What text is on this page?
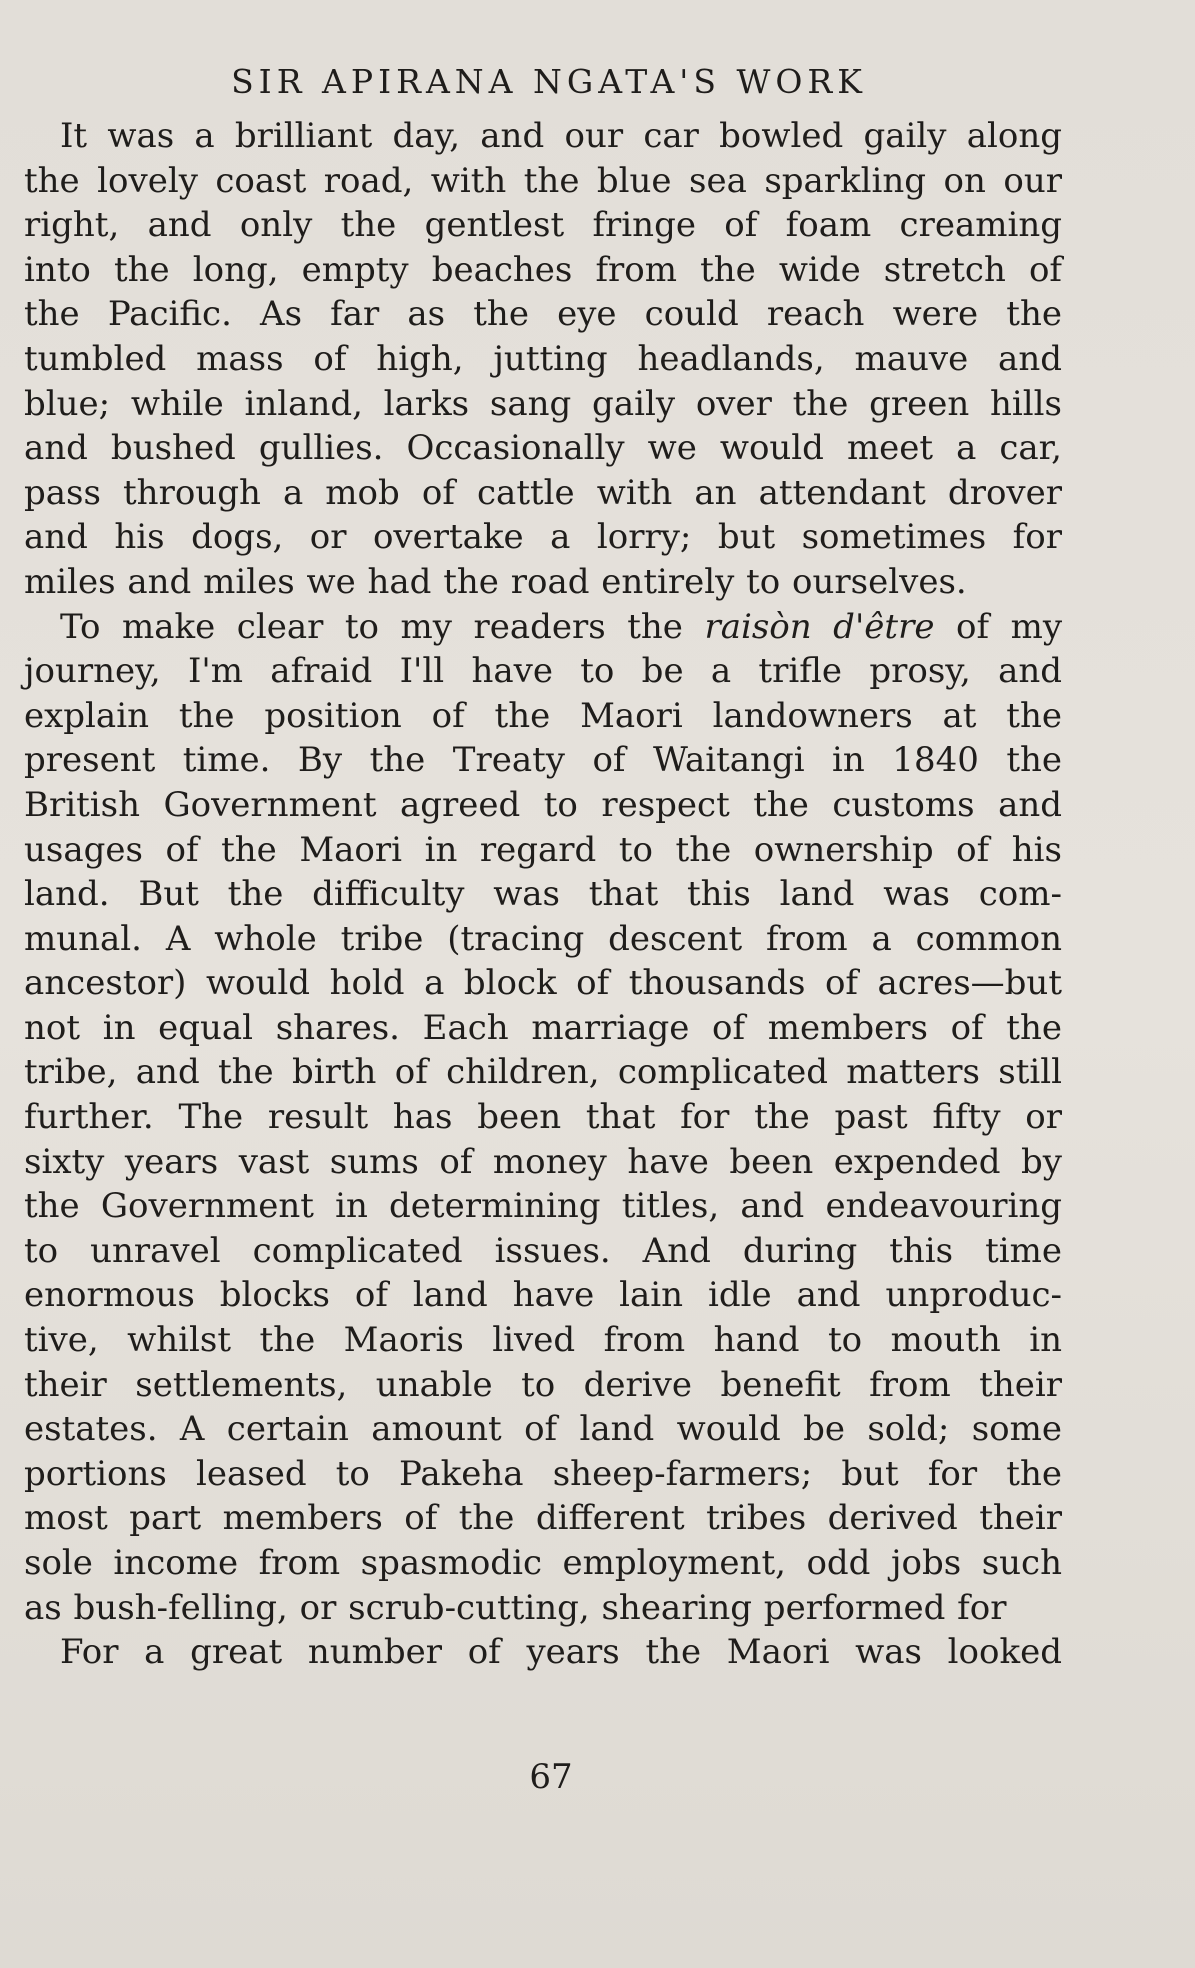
SIR APIRANA NGATA'S WORK

It was a brilliant day, and our car bowled gaily along
the lovely coast road, with the blue sea sparkling on our
right, and only the gentlest fringe of foam creaming
into the long, empty beaches from the wide stretch of
the Pacific. As far as the eye could reach were the
tumbled mass of high, jutting headlands, mauve and
blue; while inland, larks sang gaily over the green hills
and bushed gullies. Occasionally we would meet a car,
pass through a mob of cattle with an attendant drover
and his dogs, or overtake a lorry; but sometimes for
miles and miles we had the road entirely to ourselves.

To make clear to my readers the raisòn d'être of my
journey, I'm afraid I'll have to be a trifle prosy, and
explain the position of the Maori landowners at the
present time. By the Treaty of Waitangi in 1840 the
British Government agreed to respect the customs and
usages of the Maori in regard to the ownership of his
land. But the difficulty was that this land was com-
munal. A whole tribe (tracing descent from a common
ancestor) would hold a block of thousands of acres—but
not in equal shares. Each marriage of members of the
tribe, and the birth of children, complicated matters still
further. The result has been that for the past fifty or
sixty years vast sums of money have been expended by
the Government in determining titles, and endeavouring
to unravel complicated issues. And during this time
enormous blocks of land have lain idle and unproduc-
tive, whilst the Maoris lived from hand to mouth in
their settlements, unable to derive benefit from their
estates. A certain amount of land would be sold; some
portions leased to Pakeha sheep-farmers; but for the
most part members of the different tribes derived their
sole income from spasmodic employment, odd jobs such
as bush-felling, or scrub-cutting, shearing performed for

For a great number of years the Maori was looked

67
